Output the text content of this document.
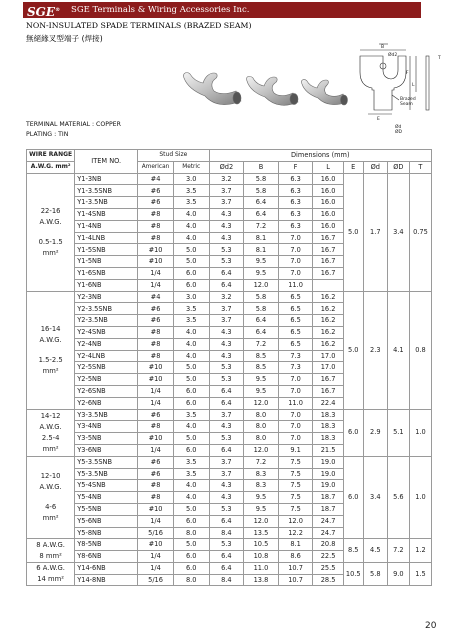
SGE® SGE Terminals & Wiring Accessories Inc.
NON-INSULATED SPADE TERMINALS (BRAZED SEAM)
無絕緣叉型端子 (焊接)
B
Ød2
T
F
L
Brazed
Seam
E
Ød
ØD
TERMINAL MATERIAL : COPPER
PLATING : TIN
WIRE RANGE	ITEM NO.	Stud Size		Dimensions (mm)							
A.W.G. mm²		American	Metric	Ød2	B	F	L	E	Ød	ØD	T

22-16
A.W.G.
0.5-1.5
mm²	Y1-3NB	#4	3.0	3.2	5.8	6.3	16.0	5.0	1.7	3.4	0.75
	Y1-3.5SNB	#6	3.5	3.7	5.8	6.3	16.0				
	Y1-3.5NB	#6	3.5	3.7	6.4	6.3	16.0				
	Y1-4SNB	#8	4.0	4.3	6.4	6.3	16.0				
	Y1-4NB	#8	4.0	4.3	7.2	6.3	16.0				
	Y1-4LNB	#8	4.0	4.3	8.1	7.0	16.7				
	Y1-5SNB	#10	5.0	5.3	8.1	7.0	16.7				
	Y1-5NB	#10	5.0	5.3	9.5	7.0	16.7				
	Y1-6SNB	1/4	6.0	6.4	9.5	7.0	16.7				
	Y1-6NB	1/4	6.0	6.4	12.0	11.0					

16-14
A.W.G.
1.5-2.5
mm²	Y2-3NB	#4	3.0	3.2	5.8	6.5	16.2	5.0	2.3	4.1	0.8
	Y2-3.5SNB	#6	3.5	3.7	5.8	6.5	16.2				
	Y2-3.5NB	#6	3.5	3.7	6.4	6.5	16.2				
	Y2-4SNB	#8	4.0	4.3	6.4	6.5	16.2				
	Y2-4NB	#8	4.0	4.3	7.2	6.5	16.2				
	Y2-4LNB	#8	4.0	4.3	8.5	7.3	17.0				
	Y2-5SNB	#10	5.0	5.3	8.5	7.3	17.0				
	Y2-5NB	#10	5.0	5.3	9.5	7.0	16.7				
	Y2-6SNB	1/4	6.0	6.4	9.5	7.0	16.7				
	Y2-6NB	1/4	6.0	6.4	12.0	11.0	22.4				

14-12
A.W.G.
2.5-4
mm²	Y3-3.5NB	#6	3.5	3.7	8.0	7.0	18.3	6.0	2.9	5.1	1.0
	Y3-4NB	#8	4.0	4.3	8.0	7.0	18.3				
	Y3-5NB	#10	5.0	5.3	8.0	7.0	18.3				
	Y3-6NB	1/4	6.0	6.4	12.0	9.1	21.5				

12-10
A.W.G.
4-6
mm²	Y5-3.5SNB	#6	3.5	3.7	7.2	7.5	19.0	6.0	3.4	5.6	1.0
	Y5-3.5NB	#6	3.5	3.7	8.3	7.5	19.0				
	Y5-4SNB	#8	4.0	4.3	8.3	7.5	19.0				
	Y5-4NB	#8	4.0	4.3	9.5	7.5	18.7				
	Y5-5NB	#10	5.0	5.3	9.5	7.5	18.7				
	Y5-6NB	1/4	6.0	6.4	12.0	12.0	24.7				
	Y5-8NB	5/16	8.0	8.4	13.5	12.2	24.7				

8 A.W.G.
8 mm²	Y8-5NB	#10	5.0	5.3	10.5	8.1	20.8	8.5	4.5	7.2	1.2
	Y8-6NB	1/4	6.0	6.4	10.8	8.6	22.5				

6 A.W.G.
14 mm²	Y14-6NB	1/4	6.0	6.4	11.0	10.7	25.5	10.5	5.8	9.0	1.5
	Y14-8NB	5/16	8.0	8.4	13.8	10.7	28.5				
20
